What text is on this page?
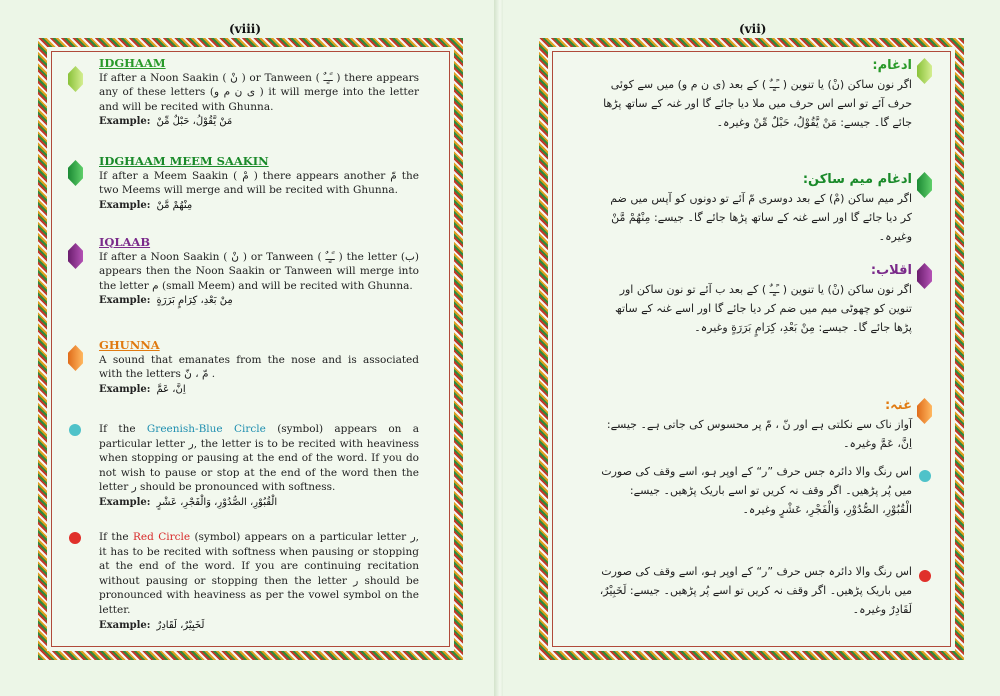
(viii)
IDGHAAM

If after a Noon Saakin ( نْ ) or Tanween ( ـًـٍـٌ ) there appears any of these letters (ى ن م و ) it will merge into the letter and will be recited with Ghunna.

Example: مَنْ يَّقُوْلُ، حَبْلٌ مِّنْ
IDGHAAM MEEM SAAKIN

If after a Meem Saakin ( مْ ) there appears another مّ the two Meems will merge and will be recited with Ghunna.

Example: مِنْهُمْ مَّنْ
IQLAAB

If after a Noon Saakin ( نْ ) or Tanween ( ـًـٍـٌ ) the letter (ب) appears then the Noon Saakin or Tanween will merge into the letter م (small Meem) and will be recited with Ghunna.

Example: مِنْ بَعْدِ، كِرَامٍ بَرَرَةٍ
GHUNNA

A sound that emanates from the nose and is associated with the letters مّ ، نّ .

Example: اِنَّ، عَمَّ

If the Greenish-Blue Circle (symbol) appears on a particular letter ر, the letter is to be recited with heaviness when stopping or pausing at the end of the word. If you do not wish to pause or stop at the end of the word then the letter ر should be pronounced with softness.

Example: الْقُبُوْرِ، الصُّدُوْرِ، وَالْفَجْرِ، عَشْرٍ

If the Red Circle (symbol) appears on a particular letter ر, it has to be recited with softness when pausing or stopping at the end of the word. If you are continuing recitation without pausing or stopping then the letter ر should be pronounced with heaviness as per the vowel symbol on the letter.

Example: لَخَبِيْرٌ، لَقَادِرٌ
(vii)
ادغام:

اگر نون ساکن (نْ) یا تنوین ( ـًـٍـٌ ) کے بعد (ی ن م و) میں سے کوئی حرف آئے تو اسے اس حرف میں ملا دیا جائے گا اور غنہ کے ساتھ پڑھا جائے گا۔ جیسے: مَنْ يَّقُوْلُ، حَبْلٌ مِّنْ وغیرہ۔

ادغام میم ساکن:

اگر میم ساکن (مْ) کے بعد دوسری مّ آئے تو دونوں کو آپس میں ضم کر دیا جائے گا اور اسے غنہ کے ساتھ پڑھا جائے گا۔ جیسے: مِنْهُمْ مَّنْ وغیرہ۔

اقلاب:

اگر نون ساکن (نْ) یا تنوین ( ـًـٍـٌ ) کے بعد ب آئے تو نون ساکن اور تنوین کو چھوٹی میم میں ضم کر دیا جائے گا اور اسے غنہ کے ساتھ پڑھا جائے گا۔ جیسے: مِنْ بَعْدِ، كِرَامٍ بَرَرَةٍ وغیرہ۔

غنہ:

آواز ناک سے نکلتی ہے اور نّ ، مّ پر محسوس کی جاتی ہے۔ جیسے: اِنَّ، عَمَّ وغیرہ۔

اس رنگ والا دائرہ جس حرف ”ر“ کے اوپر ہو، اسے وقف کی صورت میں پُر پڑھیں۔ اگر وقف نہ کریں تو اسے باریک پڑھیں۔ جیسے: الْقُبُوْرِ، الصُّدُوْرِ، وَالْفَجْرِ، عَشْرٍ وغیرہ۔

اس رنگ والا دائرہ جس حرف ”ر“ کے اوپر ہو، اسے وقف کی صورت میں باریک پڑھیں۔ اگر وقف نہ کریں تو اسے پُر پڑھیں۔ جیسے: لَخَبِيْرٌ، لَقَادِرٌ وغیرہ۔
